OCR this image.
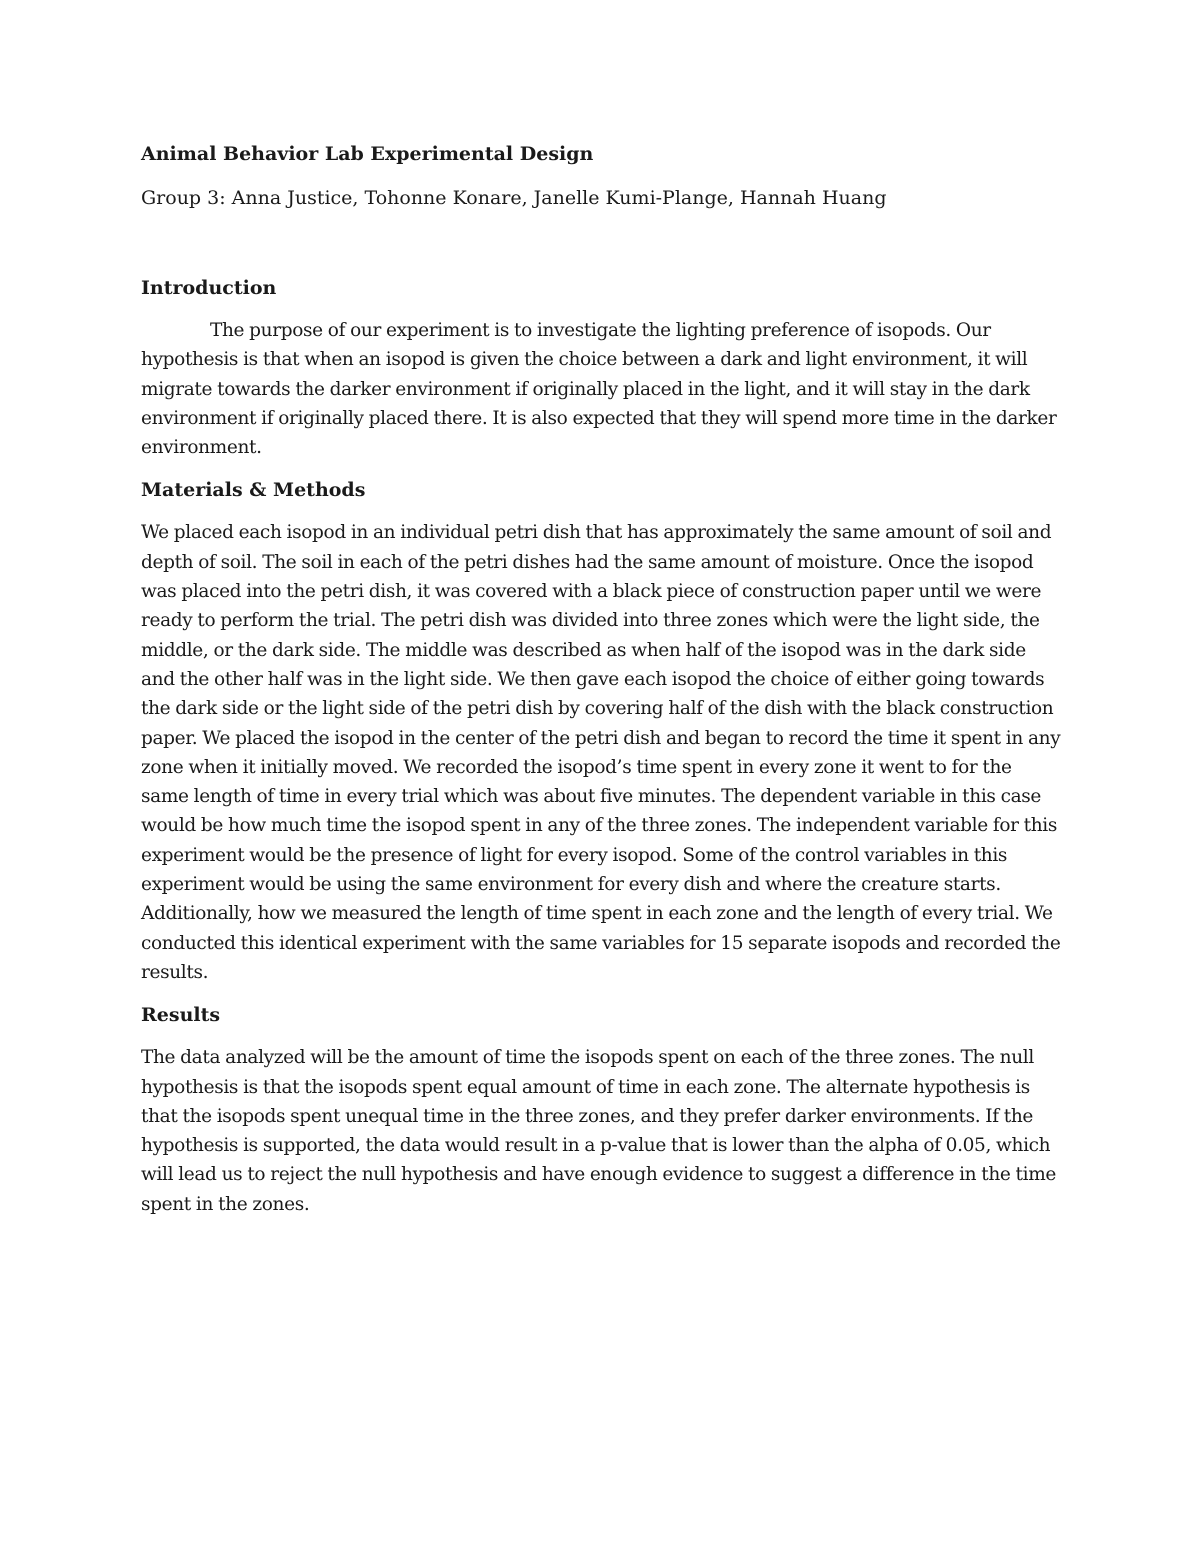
Animal Behavior Lab Experimental Design
Group 3: Anna Justice, Tohonne Konare, Janelle Kumi-Plange, Hannah Huang
Introduction

The purpose of our experiment is to investigate the lighting preference of isopods. Our hypothesis is that when an isopod is given the choice between a dark and light environment, it will migrate towards the darker environment if originally placed in the light, and it will stay in the dark environment if originally placed there. It is also expected that they will spend more time in the darker environment.

Materials & Methods

We placed each isopod in an individual petri dish that has approximately the same amount of soil and depth of soil. The soil in each of the petri dishes had the same amount of moisture. Once the isopod was placed into the petri dish, it was covered with a black piece of construction paper until we were ready to perform the trial. The petri dish was divided into three zones which were the light side, the middle, or the dark side. The middle was described as when half of the isopod was in the dark side and the other half was in the light side. We then gave each isopod the choice of either going towards the dark side or the light side of the petri dish by covering half of the dish with the black construction paper. We placed the isopod in the center of the petri dish and began to record the time it spent in any zone when it initially moved. We recorded the isopod’s time spent in every zone it went to for the same length of time in every trial which was about five minutes. The dependent variable in this case would be how much time the isopod spent in any of the three zones. The independent variable for this experiment would be the presence of light for every isopod. Some of the control variables in this experiment would be using the same environment for every dish and where the creature starts. Additionally, how we measured the length of time spent in each zone and the length of every trial. We conducted this identical experiment with the same variables for 15 separate isopods and recorded the results.

Results

The data analyzed will be the amount of time the isopods spent on each of the three zones. The null hypothesis is that the isopods spent equal amount of time in each zone. The alternate hypothesis is that the isopods spent unequal time in the three zones, and they prefer darker environments. If the hypothesis is supported, the data would result in a p-value that is lower than the alpha of 0.05, which will lead us to reject the null hypothesis and have enough evidence to suggest a difference in the time spent in the zones.
